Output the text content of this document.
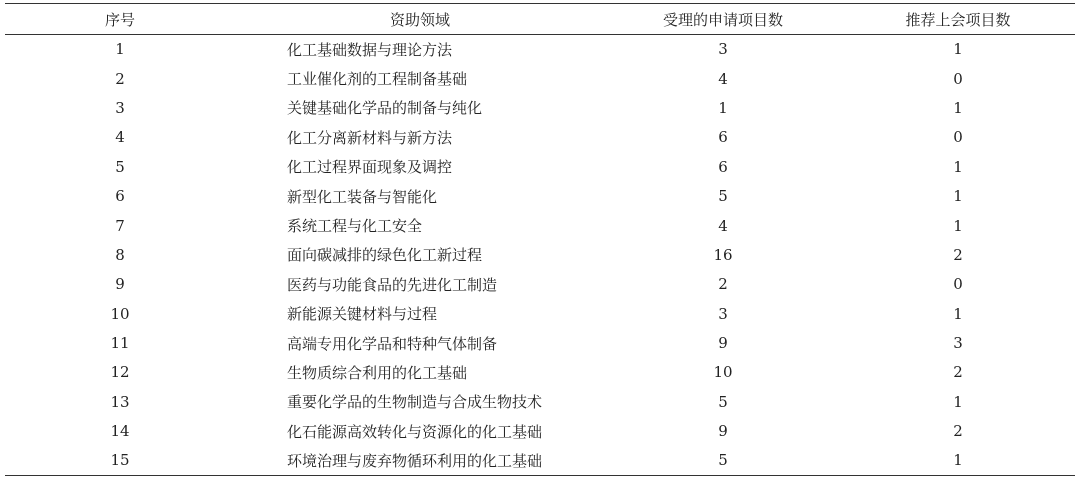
序号	资助领域	受理的申请项目数	推荐上会项目数
1	化工基础数据与理论方法	3	1
2	工业催化剂的工程制备基础	4	0
3	关键基础化学品的制备与纯化	1	1
4	化工分离新材料与新方法	6	0
5	化工过程界面现象及调控	6	1
6	新型化工装备与智能化	5	1
7	系统工程与化工安全	4	1
8	面向碳减排的绿色化工新过程	16	2
9	医药与功能食品的先进化工制造	2	0
10	新能源关键材料与过程	3	1
11	高端专用化学品和特种气体制备	9	3
12	生物质综合利用的化工基础	10	2
13	重要化学品的生物制造与合成生物技术	5	1
14	化石能源高效转化与资源化的化工基础	9	2
15	环境治理与废弃物循环利用的化工基础	5	1
